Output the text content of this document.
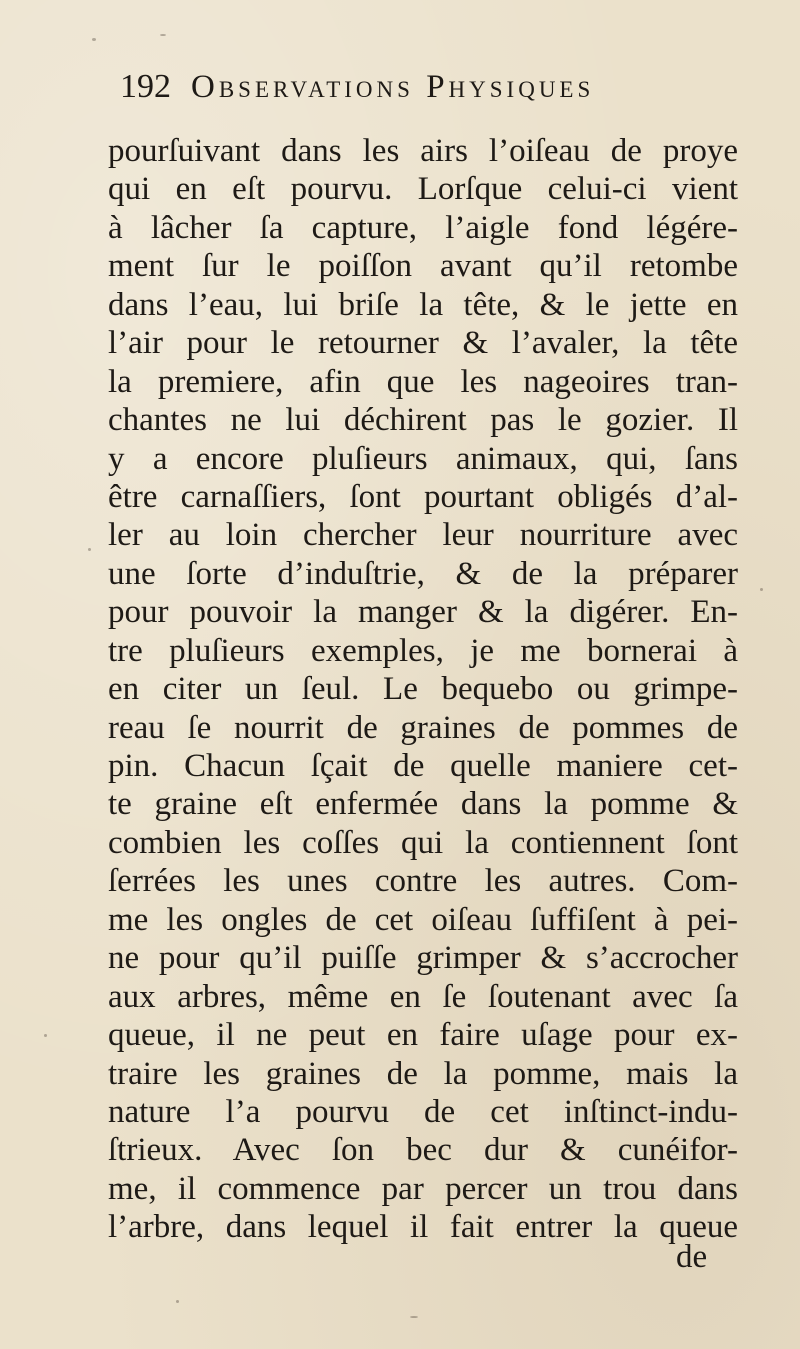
192 Observations Physiques
pourſuivant dans les airs l’oiſeau de proye
qui en eſt pourvu. Lorſque celui-ci vient
à lâcher ſa capture, l’aigle fond légére-
ment ſur le poiſſon avant qu’il retombe
dans l’eau, lui briſe la tête, & le jette en
l’air pour le retourner & l’avaler, la tête
la premiere, afin que les nageoires tran-
chantes ne lui déchirent pas le gozier. Il
y a encore pluſieurs animaux, qui, ſans
être carnaſſiers, ſont pourtant obligés d’al-
ler au loin chercher leur nourriture avec
une ſorte d’induſtrie, & de la préparer
pour pouvoir la manger & la digérer. En-
tre pluſieurs exemples, je me bornerai à
en citer un ſeul. Le bequebo ou grimpe-
reau ſe nourrit de graines de pommes de
pin. Chacun ſçait de quelle maniere cet-
te graine eſt enfermée dans la pomme &
combien les coſſes qui la contiennent ſont
ſerrées les unes contre les autres. Com-
me les ongles de cet oiſeau ſuffiſent à pei-
ne pour qu’il puiſſe grimper & s’accrocher
aux arbres, même en ſe ſoutenant avec ſa
queue, il ne peut en faire uſage pour ex-
traire les graines de la pomme, mais la
nature l’a pourvu de cet inſtinct-indu-
ſtrieux. Avec ſon bec dur & cunéifor-
me, il commence par percer un trou dans
l’arbre, dans lequel il fait entrer la queue
de
